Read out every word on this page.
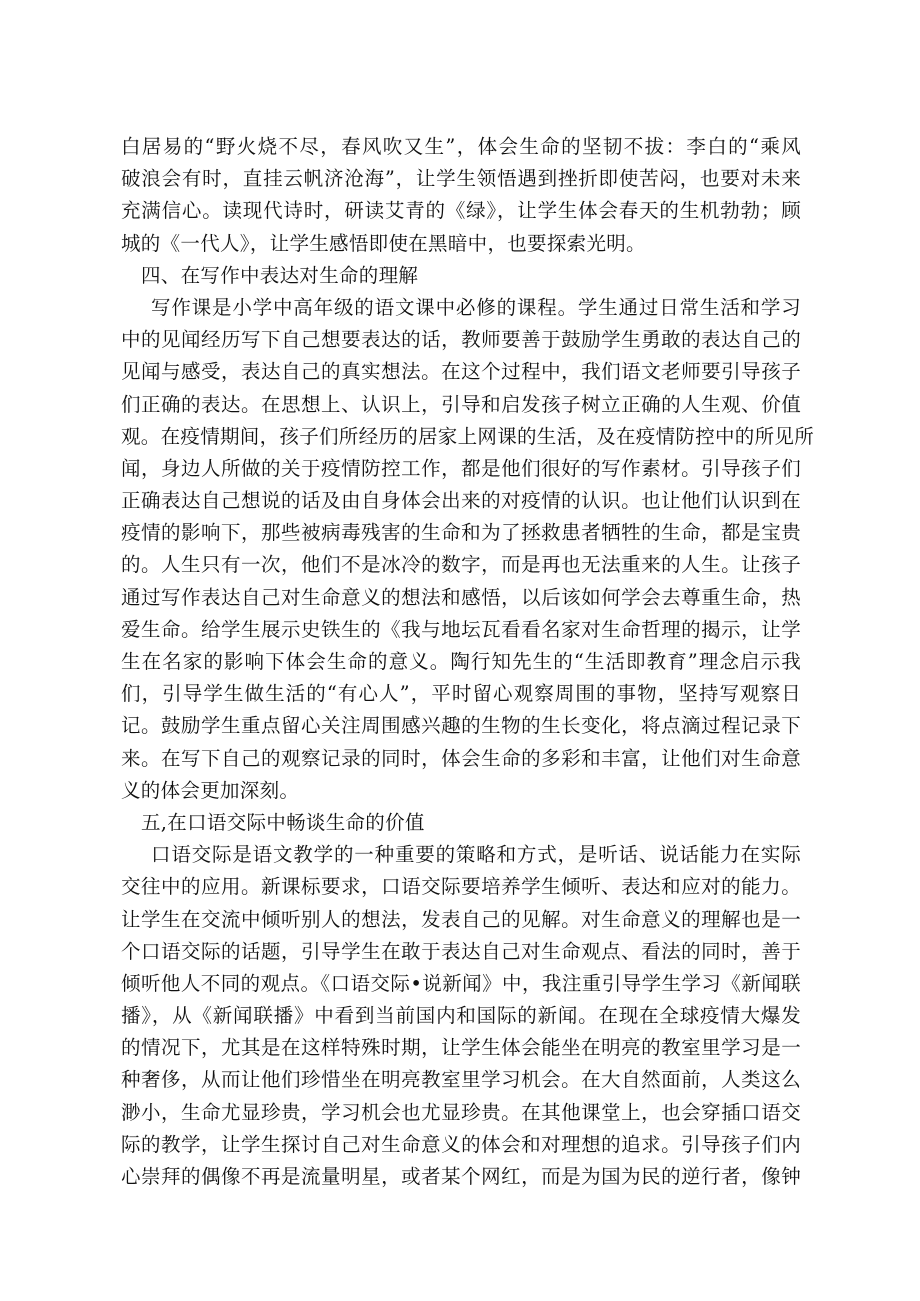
白居易的“野火烧不尽，春风吹又生”，体会生命的坚韧不拔：李白的“乘风
破浪会有时，直挂云帆济沧海”，让学生领悟遇到挫折即使苦闷，也要对未来
充满信心。读现代诗时，研读艾青的《绿》，让学生体会春天的生机勃勃；顾
城的《一代人》，让学生感悟即使在黑暗中，也要探索光明。
四、在写作中表达对生命的理解
写作课是小学中高年级的语文课中必修的课程。学生通过日常生活和学习
中的见闻经历写下自己想要表达的话，教师要善于鼓励学生勇敢的表达自己的
见闻与感受，表达自己的真实想法。在这个过程中，我们语文老师要引导孩子
们正确的表达。在思想上、认识上，引导和启发孩子树立正确的人生观、价值
观。在疫情期间，孩子们所经历的居家上网课的生活，及在疫情防控中的所见所
闻，身边人所做的关于疫情防控工作，都是他们很好的写作素材。引导孩子们
正确表达自己想说的话及由自身体会出来的对疫情的认识。也让他们认识到在
疫情的影响下，那些被病毒残害的生命和为了拯救患者牺牲的生命，都是宝贵
的。人生只有一次，他们不是冰冷的数字，而是再也无法重来的人生。让孩子
通过写作表达自己对生命意义的想法和感悟，以后该如何学会去尊重生命，热
爱生命。给学生展示史铁生的《我与地坛瓦看看名家对生命哲理的揭示，让学
生在名家的影响下体会生命的意义。陶行知先生的“生活即教育”理念启示我
们，引导学生做生活的“有心人”，平时留心观察周围的事物，坚持写观察日
记。鼓励学生重点留心关注周围感兴趣的生物的生长变化，将点滴过程记录下
来。在写下自己的观察记录的同时，体会生命的多彩和丰富，让他们对生命意
义的体会更加深刻。
五,在口语交际中畅谈生命的价值
口语交际是语文教学的一种重要的策略和方式，是听话、说话能力在实际
交往中的应用。新课标要求，口语交际要培养学生倾听、表达和应对的能力。
让学生在交流中倾听别人的想法，发表自己的见解。对生命意义的理解也是一
个口语交际的话题，引导学生在敢于表达自己对生命观点、看法的同时，善于
倾听他人不同的观点。《口语交际•说新闻》中，我注重引导学生学习《新闻联
播》，从《新闻联播》中看到当前国内和国际的新闻。在现在全球疫情大爆发
的情况下，尤其是在这样特殊时期，让学生体会能坐在明亮的教室里学习是一
种奢侈，从而让他们珍惜坐在明亮教室里学习机会。在大自然面前，人类这么
渺小，生命尤显珍贵，学习机会也尤显珍贵。在其他课堂上，也会穿插口语交
际的教学，让学生探讨自己对生命意义的体会和对理想的追求。引导孩子们内
心崇拜的偶像不再是流量明星，或者某个网红，而是为国为民的逆行者，像钟
